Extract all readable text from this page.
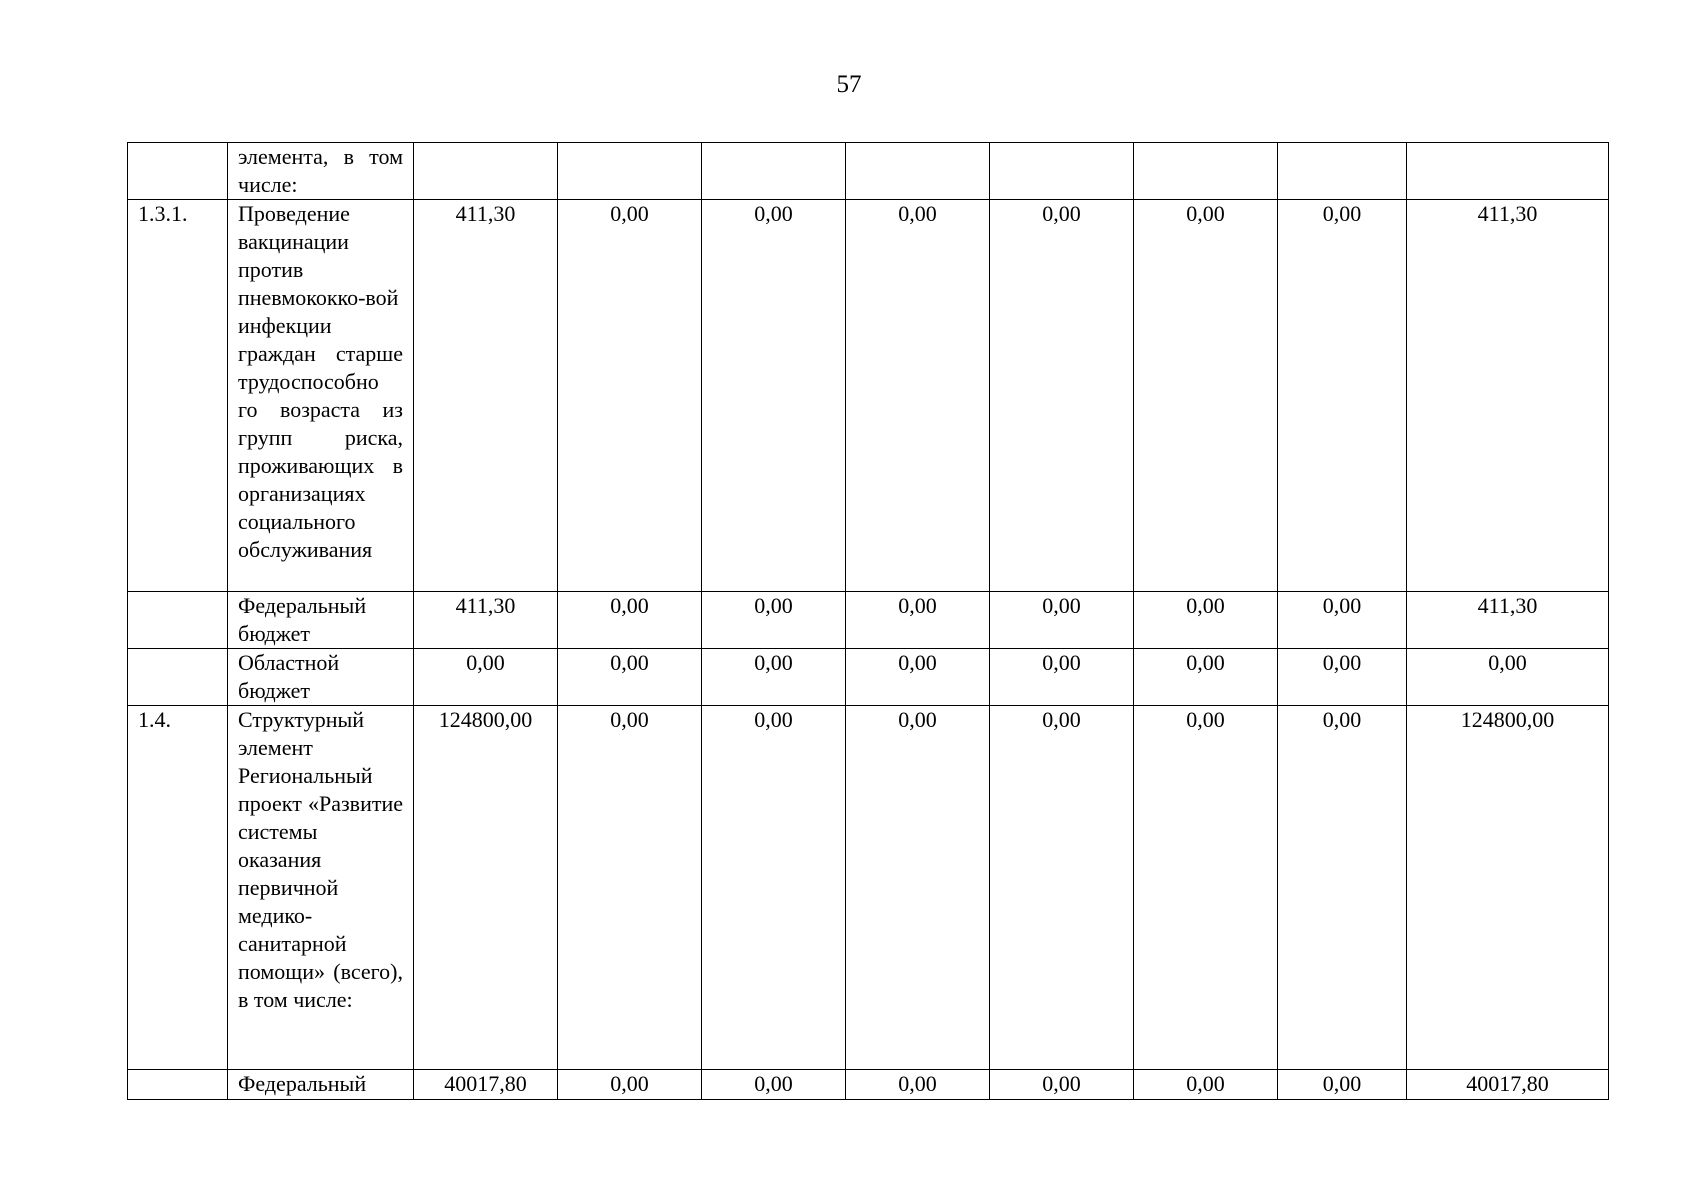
57
	элемента, в том числе:								
1.3.1.	Проведение вакцинации против пневмококко-вой инфекции граждан старше трудоспособно го возраста из групп риска, проживающих в организациях социального обслуживания	411,30	0,00	0,00	0,00	0,00	0,00	0,00	411,30
	Федеральный бюджет	411,30	0,00	0,00	0,00	0,00	0,00	0,00	411,30
	Областной бюджет	0,00	0,00	0,00	0,00	0,00	0,00	0,00	0,00
1.4.	Структурный элемент Региональный проект «Развитие системы оказания первичной медико-санитарной помощи» (всего), в том числе:	124800,00	0,00	0,00	0,00	0,00	0,00	0,00	124800,00
	Федеральный	40017,80	0,00	0,00	0,00	0,00	0,00	0,00	40017,80
